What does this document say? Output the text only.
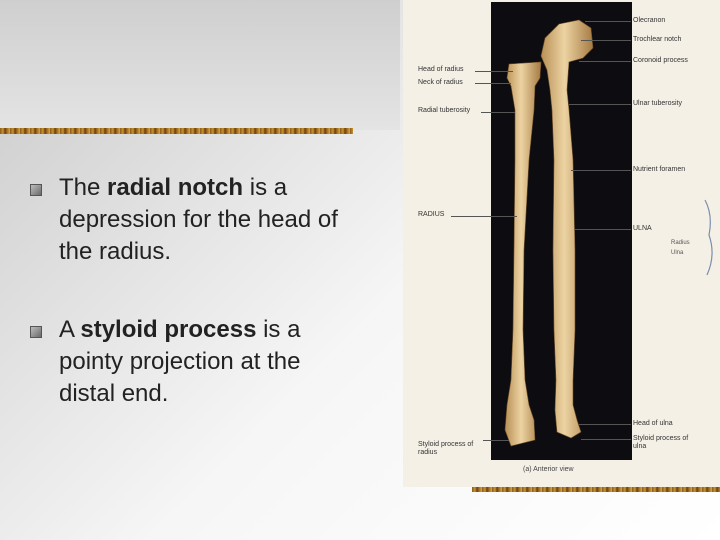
The radial notch is a depression for the head of the radius.
A styloid process is a pointy projection at the distal end.
Head of radius
Neck of radius
Radial tuberosity
RADIUS
Styloid process of radius
Olecranon
Trochlear notch
Coronoid process
Ulnar tuberosity
Nutrient foramen
ULNA
Head of ulna
Styloid process of ulna
Radius
Ulna
(a) Anterior view
